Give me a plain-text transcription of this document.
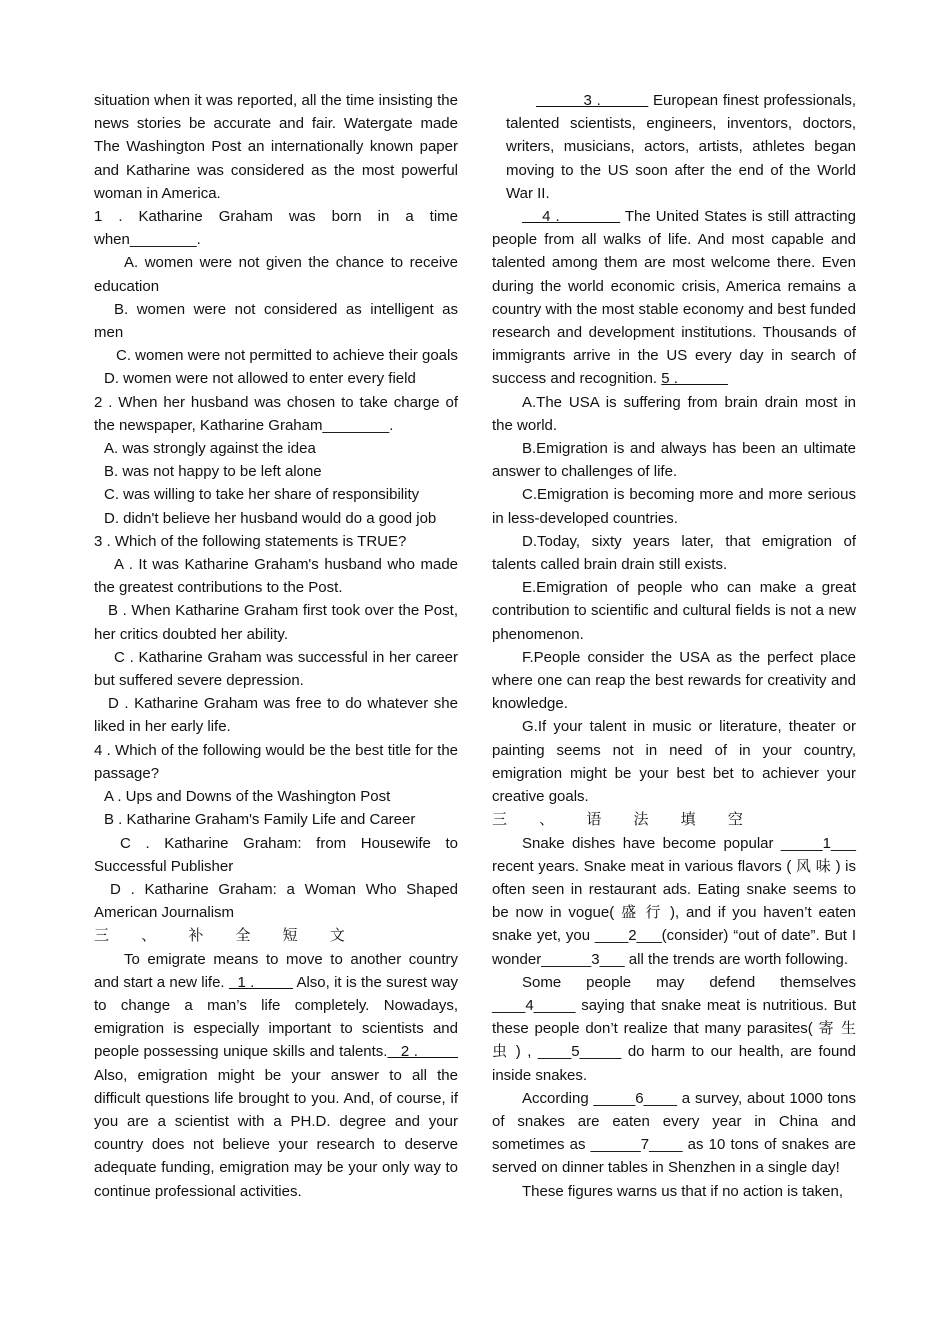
situation when it was reported, all the time insisting the news stories be accurate and fair. Watergate made The Washington Post an internationally known paper and Katharine was considered as the most powerful woman in America.

1 . Katharine Graham was born in a time when________.

A. women were not given the chance to receive education

B. women were not considered as intelligent as men

C. women were not permitted to achieve their goals

D. women were not allowed to enter every field

2 . When her husband was chosen to take charge of the newspaper, Katharine Graham________.

A. was strongly against the idea

B. was not happy to be left alone

C. was willing to take her share of responsibility

D. didn't believe her husband would do a good job

3 . Which of the following statements is TRUE?

A . It was Katharine Graham's husband who made the greatest contributions to the Post.

B . When Katharine Graham first took over the Post, her critics doubted her ability.

C . Katharine Graham was successful in her career but suffered severe depression.

D . Katharine Graham was free to do whatever she liked in her early life.

4 . Which of the following would be the best title for the passage?

A . Ups and Downs of the Washington Post

B . Katharine Graham's Family Life and Career

C . Katharine Graham: from Housewife to Successful Publisher

D . Katharine Graham: a Woman Who Shaped American Journalism

三 、 补 全 短 文

To emigrate means to move to another country and start a new life.   1 .          Also, it is the surest way to change a man’s life completely. Nowadays, emigration is especially important to scientists and people possessing unique skills and talents.   2 .          Also, emigration might be your answer to all the difficult questions life brought to you. And, of course, if you are a scientist with a PH.D. degree and your country does not believe your research to deserve adequate funding, emigration may be your only way to continue professional activities.

3 .           European finest professionals, talented scientists, engineers, inventors, doctors, writers, musicians, actors, artists, athletes began moving to the US soon after the end of the World War II.

4 .             The United States is still attracting people from all walks of life. And most capable and talented among them are most welcome there. Even during the world economic crisis, America remains a country with the most stable economy and best funded research and development institutions. Thousands of immigrants arrive in the US every day in search of success and recognition. 5 .

A.The USA is suffering from brain drain most in the world.

B.Emigration is and always has been an ultimate answer to challenges of life.

C.Emigration is becoming more and more serious in less-developed countries.

D.Today, sixty years later, that emigration of talents called brain drain still exists.

E.Emigration of people who can make a great contribution to scientific and cultural fields is not a new phenomenon.

F.People consider the USA as the perfect place where one can reap the best rewards for creativity and knowledge.

G.If your talent in music or literature, theater or painting seems not in need of in your country, emigration might be your best bet to achiever your creative goals.

三 、 语 法 填 空

Snake dishes have become popular _____1___ recent years. Snake meat in various flavors ( 风 味 ) is often seen in restaurant ads. Eating snake seems to be now in vogue( 盛 行 ), and if you haven’t eaten snake yet, you ____2___(consider) “out of date”. But I wonder______3___ all the trends are worth following.

Some people may defend themselves ____4_____ saying that snake meat is nutritious. But these people don’t realize that many parasites( 寄 生 虫 ) , ____5_____ do harm to our health, are found inside snakes.

According _____6____ a survey, about 1000 tons of snakes are eaten every year in China and sometimes as ______7____ as 10 tons of snakes are served on dinner tables in Shenzhen in a single day!

These figures warns us that if no action is taken,
